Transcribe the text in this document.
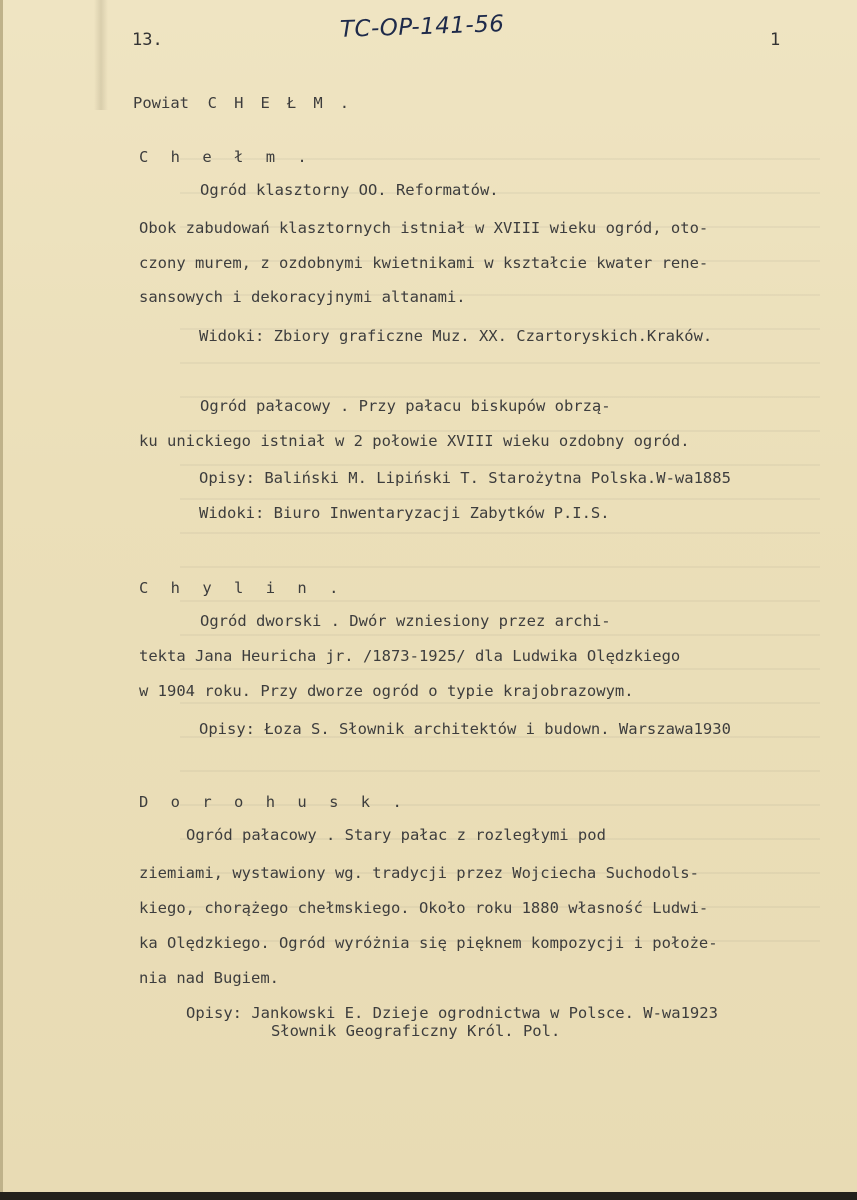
13.	TC-OP-141-56	1
Powiat C H E Ł M .
C h e ł m .
Ogród klasztorny OO. Reformatów.
Obok zabudowań klasztornych istniał w XVIII wieku ogród, oto-
czony murem, z ozdobnymi kwietnikami w kształcie kwater rene-
sansowych i dekoracyjnymi altanami.
Widoki: Zbiory graficzne Muz. XX. Czartoryskich.Kraków.
Ogród pałacowy . Przy pałacu biskupów obrzą-
ku unickiego istniał w 2 połowie XVIII wieku ozdobny ogród.
Opisy: Baliński M. Lipiński T. Starożytna Polska.W-wa1885
Widoki: Biuro Inwentaryzacji Zabytków P.I.S.
C h y l i n .
Ogród dworski . Dwór wzniesiony przez archi-
tekta Jana Heuricha jr. /1873-1925/ dla Ludwika Olędzkiego
w 1904 roku. Przy dworze ogród o typie krajobrazowym.
Opisy: Łoza S. Słownik architektów i budown. Warszawa1930
D o r o h u s k .
Ogród pałacowy . Stary pałac z rozległymi pod
ziemiami, wystawiony wg. tradycji przez Wojciecha Suchodols-
kiego, chorążego chełmskiego. Około roku 1880 własność Ludwi-
ka Olędzkiego. Ogród wyróżnia się pięknem kompozycji i położe-
nia nad Bugiem.
Opisy: Jankowski E. Dzieje ogrodnictwa w Polsce. W-wa1923
Słownik Geograficzny Król. Pol.
